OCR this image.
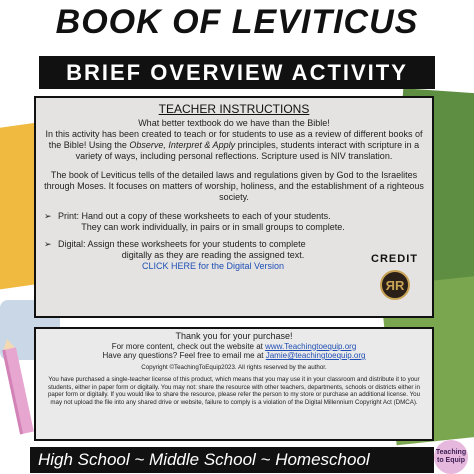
BOOK OF LEVITICUS
BRIEF OVERVIEW ACTIVITY
TEACHER INSTRUCTIONS

What better textbook do we have than the Bible!
In this activity has been created to teach or for students to use as a review of different books of the Bible! Using the Observe, Interpret & Apply principles, students interact with scripture in a variety of ways, including personal reflections. Scripture used is NIV translation.

The book of Leviticus tells of the detailed laws and regulations given by God to the Israelites through Moses. It focuses on matters of worship, holiness, and the establishment of a righteous society.

➢ Print: Hand out a copy of these worksheets to each of your students.
They can work individually, in pairs or in small groups to complete.
➢ Digital: Assign these worksheets for your students to complete
digitally as they are reading the assigned text.
CLICK HERE for the Digital Version
CREDIT
ЯR
Thank you for your purchase!
For more content, check out the website at www.Teachingtoequip.org
Have any questions? Feel free to email me at Jamie@teachingtoequip.org
Copyright ©TeachingToEquip2023. All rights reserved by the author.
You have purchased a single-teacher license of this product, which means that you may use it in your classroom and distribute it to your students, either in paper form or digitally. You may not: share the resource with other teachers, departments, schools or districts either in paper form or digitally. If you would like to share the resource, please refer the person to my store or purchase an additional license. You may not upload the file into any shared drive or website, failure to comply is a violation of the Digital Millennium Copyright Act (DMCA).
High School ~ Middle School ~ Homeschool	Teaching to Equip
